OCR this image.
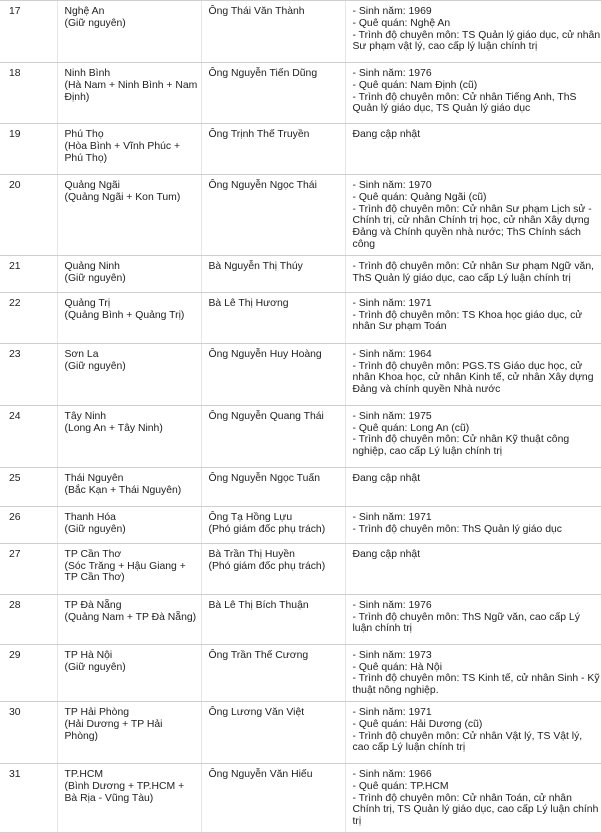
17	Nghệ An
(Giữ nguyên)	Ông Thái Văn Thành	- Sinh năm: 1969
- Quê quán: Nghệ An
- Trình độ chuyên môn: TS Quản lý giáo dục, cử nhân Sư phạm vật lý, cao cấp lý luận chính trị

18	Ninh Bình
(Hà Nam + Ninh Bình + Nam Định)	Ông Nguyễn Tiến Dũng	- Sinh năm: 1976
- Quê quán: Nam Định (cũ)
- Trình độ chuyên môn: Cử nhân Tiếng Anh, ThS Quản lý giáo dục, TS Quản lý giáo dục

19	Phú Thọ
(Hòa Bình + Vĩnh Phúc + Phú Thọ)	Ông Trịnh Thế Truyền	Đang cập nhật

20	Quảng Ngãi
(Quảng Ngãi + Kon Tum)	Ông Nguyễn Ngọc Thái	- Sinh năm: 1970
- Quê quán: Quảng Ngãi (cũ)
- Trình độ chuyên môn: Cử nhân Sư phạm Lịch sử - Chính trị, cử nhân Chính trị học, cử nhân Xây dựng Đảng và Chính quyền nhà nước; ThS Chính sách công

21	Quảng Ninh
(Giữ nguyên)	Bà Nguyễn Thị Thúy	- Trình độ chuyên môn: Cử nhân Sư phạm Ngữ văn, ThS Quản lý giáo dục, cao cấp Lý luận chính trị

22	Quảng Trị
(Quảng Bình + Quảng Trị)	Bà Lê Thị Hương	- Sinh năm: 1971
- Trình độ chuyên môn: TS Khoa học giáo dục, cử nhân Sư phạm Toán

23	Sơn La
(Giữ nguyên)	Ông Nguyễn Huy Hoàng	- Sinh năm: 1964
- Trình độ chuyên môn: PGS.TS Giáo dục học, cử nhân Khoa học, cử nhân Kinh tế, cử nhân Xây dựng Đảng và chính quyền Nhà nước

24	Tây Ninh
(Long An + Tây Ninh)	Ông Nguyễn Quang Thái	- Sinh năm: 1975
- Quê quán: Long An (cũ)
- Trình độ chuyên môn: Cử nhân Kỹ thuật công nghiệp, cao cấp Lý luận chính trị

25	Thái Nguyên
(Bắc Kạn + Thái Nguyên)	Ông Nguyễn Ngọc Tuấn	Đang cập nhật

26	Thanh Hóa
(Giữ nguyên)	Ông Tạ Hồng Lựu
(Phó giám đốc phụ trách)	- Sinh năm: 1971
- Trình độ chuyên môn: ThS Quản lý giáo dục

27	TP Cần Thơ
(Sóc Trăng + Hậu Giang + TP Cần Thơ)	Bà Trần Thị Huyền
(Phó giám đốc phụ trách)	Đang cập nhật

28	TP Đà Nẵng
(Quảng Nam + TP Đà Nẵng)	Bà Lê Thị Bích Thuận	- Sinh năm: 1976
- Trình độ chuyên môn: ThS Ngữ văn, cao cấp Lý luận chính trị

29	TP Hà Nội
(Giữ nguyên)	Ông Trần Thế Cương	- Sinh năm: 1973
- Quê quán: Hà Nội
- Trình độ chuyên môn: TS Kinh tế, cử nhân Sinh - Kỹ thuật nông nghiệp.

30	TP Hải Phòng
(Hải Dương + TP Hải Phòng)	Ông Lương Văn Việt	- Sinh năm: 1971
- Quê quán: Hải Dương (cũ)
- Trình độ chuyên môn: Cử nhân Vật lý, TS Vật lý, cao cấp Lý luận chính trị

31	TP.HCM
(Bình Dương + TP.HCM + Bà Rịa - Vũng Tàu)	Ông Nguyễn Văn Hiếu	- Sinh năm: 1966
- Quê quán: TP.HCM
- Trình độ chuyên môn: Cử nhân Toán, cử nhân Chính trị, TS Quản lý giáo dục, cao cấp Lý luận chính trị
